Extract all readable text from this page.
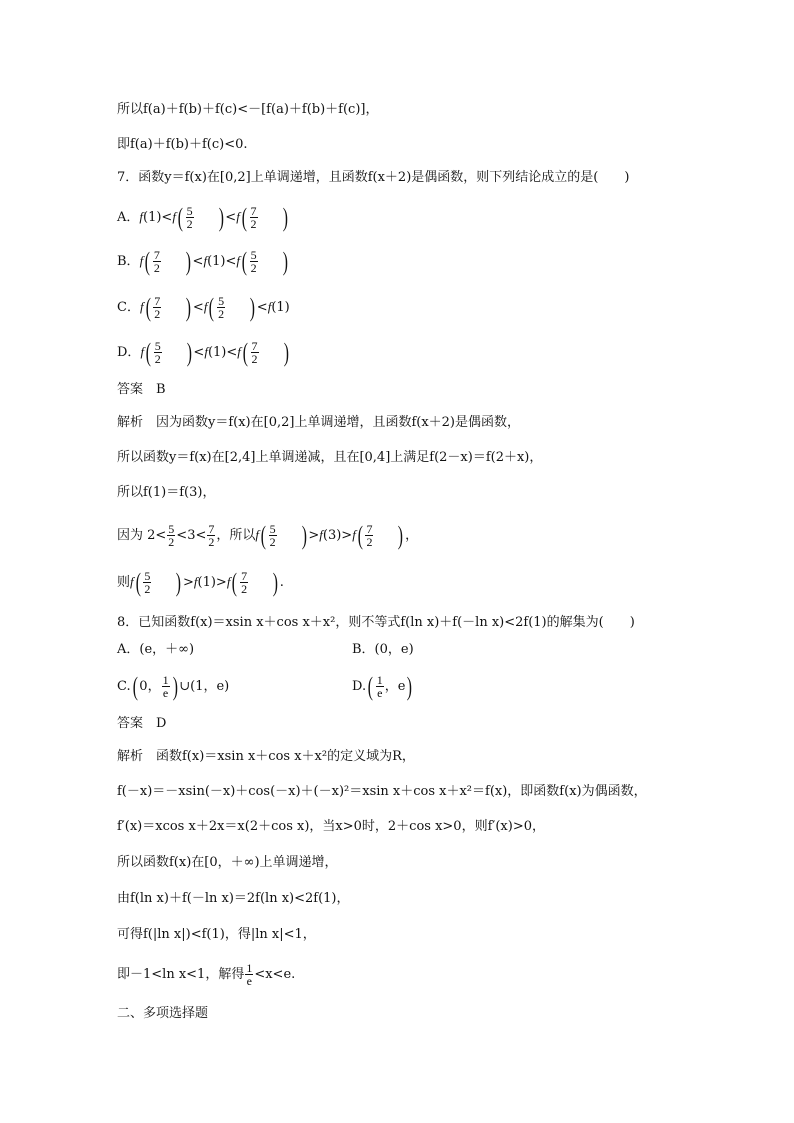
所以f(a)＋f(b)＋f(c)<－[f(a)＋f(b)＋f(c)]，
即f(a)＋f(b)＋f(c)<0.
7．函数y＝f(x)在[0,2]上单调递增，且函数f(x＋2)是偶函数，则下列结论成立的是(　　)
A．$f(1)<f( \frac{5}{2}$ ) $<f( \frac{7}{2}$ )
B．$f( \frac{7}{2}$ ) $<f(1)<f( \frac{5}{2}$ )
C．$f( \frac{7}{2}$ ) $<f( \frac{5}{2}$ ) <f(1)
D．$f( \frac{5}{2}$ ) $<f(1)<f( \frac{7}{2}$ )
答案　B
解析　因为函数y＝f(x)在[0,2]上单调递增，且函数f(x＋2)是偶函数，
所以函数y＝f(x)在[2,4]上单调递减，且在[0,4]上满足f(2－x)＝f(2＋x)，
所以f(1)＝f(3)，
因为 $2< \frac{5}{2} <3< \frac{7}{2}$ ，所以$f( \frac{5}{2}$ ) $>f(3)>f( \frac{7}{2}$ ) ，
则$f( \frac{5}{2}$ ) $>f(1)>f( \frac{7}{2}$ ) .
8．已知函数f(x)＝xsin x＋cos x＋x²，则不等式f(ln x)＋f(－ln x)<2f(1)的解集为(　　)
A．(e，＋∞)	B．(0，e)
C.( 0， $\frac{1}{e}$ ) ∪(1，e)	$D.( \frac{1}{e}$ ，e)
答案　D
解析　函数f(x)＝xsin x＋cos x＋x²的定义域为R，
f(－x)＝－xsin(－x)＋cos(－x)＋(－x)²＝xsin x＋cos x＋x²＝f(x)，即函数f(x)为偶函数，
f′(x)＝xcos x＋2x＝x(2＋cos x)，当x>0时，2＋cos x>0，则f′(x)>0，
所以函数f(x)在[0，＋∞)上单调递增，
由f(ln x)＋f(－ln x)＝2f(ln x)<2f(1)，
可得f(|ln x|)<f(1)，得|ln x|<1，
即－1<ln x<1，解得 $\frac{1}{e} <x<e$.
二、多项选择题
